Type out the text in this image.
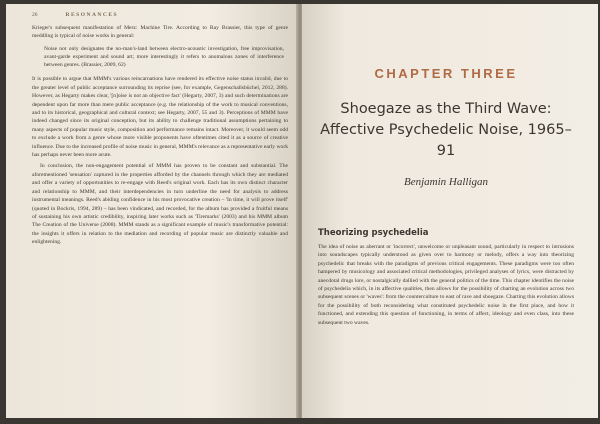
26	RESONANCES

Krieger's subsequent manifestation of Merz: Machine Tire. According to Ray Brassier, this type of genre meddling is typical of noise works in general:

Noise not only designates the no-man's-land between electro-acoustic investigation, free improvisation, avant-garde experiment and sound art; more interestingly it refers to anomalous zones of interference between genres. (Brassier, 2009, 62)

It is possible to argue that MMM's various reincarnations have rendered its effective noise status invalid, due to the greater level of public acceptance surrounding its reprise (see, for example, Gegenschallsbüchel, 2012, 288). However, as Hegarty makes clear, '[n]oise is not an objective fact' (Hegarty, 2007, 3) and such determinations are dependent upon far more than mere public acceptance (e.g. the relationship of the work to musical conventions, and to its historical, geographical and cultural context; see Hegarty, 2007, 55 and 3). Perceptions of MMM have indeed changed since its original conception, but its ability to challenge traditional assumptions pertaining to many aspects of popular music style, composition and performance remains intact. Moreover, it would seem odd to exclude a work from a genre whose more visible proponents have oftentimes cited it as a source of creative influence. Due to the increased profile of noise music in general, MMM's relevance as a representative early work has perhaps never been more acute.

In conclusion, the non-engagement potential of MMM has proven to be constant and substantial. The aforementioned 'sensation' captured in the properties afforded by the channels through which they are mediated and offer a variety of opportunities to re-engage with Reed's original work. Each has its own distinct character and relationship to MMM, and their interdependencies in turn underline the need for analysis to address instrumental meanings. Reed's abiding confidence in his most provocative creation – 'In time, it will prove itself' (quoted in Bockris, 1994, 289) – has been vindicated, and recorded, for the album has provided a fruitful means of sustaining his own artistic credibility, inspiring later works such as 'Tiremarks' (2003) and his MMM album The Creation of the Universe (2008). MMM stands as a significant example of music's transformative potential: the insights it offers in relation to the mediation and recording of popular music are distinctly valuable and enlightening.

CHAPTER THREE
Shoegaze as the Third Wave: Affective Psychedelic Noise, 1965–91
Benjamin Halligan
Theorizing psychedelia

The idea of noise as aberrant or 'incorrect', unwelcome or unpleasant sound, particularly in respect to intrusions into soundscapes typically understood as given over to harmony or melody, offers a way into theorizing psychedelic that breaks with the paradigms of previous critical engagements. These paradigms were too often hampered by musicology and associated critical methodologies, privileged analyses of lyrics, were distracted by anecdotal drugs lore, or nostalgically dallied with the general politics of the time. This chapter identifies the noise of psychedelia which, in its affective qualities, then allows for the possibility of charting an evolution across two subsequent scenes or 'waves': from the counterculture to east of rave and shoegaze. Charting this evolution allows for the possibility of both reconsidering what constituted psychedelic noise in the first place, and how it functioned, and extending this question of functioning, in terms of affect, ideology and even class, into these subsequent two waves.
